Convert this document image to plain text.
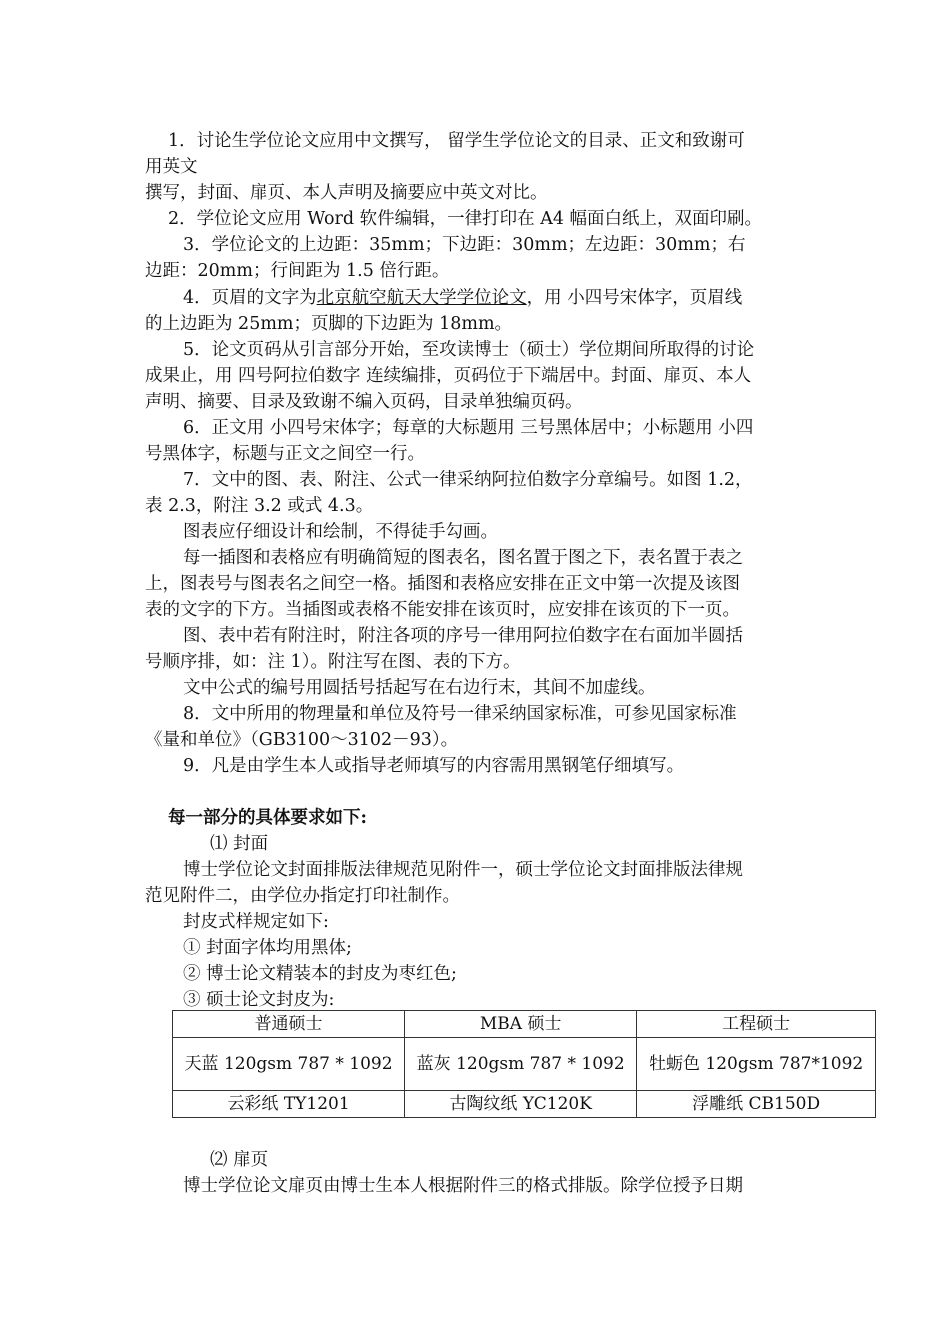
1．讨论生学位论文应用中文撰写， 留学生学位论文的目录、正文和致谢可
用英文
撰写，封面、扉页、本人声明及摘要应中英文对比。
2．学位论文应用 Word 软件编辑，一律打印在 A4 幅面白纸上，双面印刷。
3．学位论文的上边距：35mm；下边距：30mm；左边距：30mm；右
边距：20mm；行间距为 1.5 倍行距。
4．页眉的文字为北京航空航天大学学位论文，用 小四号宋体字，页眉线
的上边距为 25mm；页脚的下边距为 18mm。
5．论文页码从引言部分开始，至攻读博士（硕士）学位期间所取得的讨论
成果止，用 四号阿拉伯数字 连续编排，页码位于下端居中。封面、扉页、本人
声明、摘要、目录及致谢不编入页码，目录单独编页码。
6．正文用 小四号宋体字；每章的大标题用 三号黑体居中；小标题用 小四
号黑体字，标题与正文之间空一行。
7．文中的图、表、附注、公式一律采纳阿拉伯数字分章编号。如图 1.2，
表 2.3，附注 3.2 或式 4.3。
图表应仔细设计和绘制，不得徒手勾画。
每一插图和表格应有明确简短的图表名，图名置于图之下，表名置于表之
上，图表号与图表名之间空一格。插图和表格应安排在正文中第一次提及该图
表的文字的下方。当插图或表格不能安排在该页时，应安排在该页的下一页。
图、表中若有附注时，附注各项的序号一律用阿拉伯数字在右面加半圆括
号顺序排，如：注 1）。附注写在图、表的下方。
文中公式的编号用圆括号括起写在右边行末，其间不加虚线。
8．文中所用的物理量和单位及符号一律采纳国家标准，可参见国家标准
《量和单位》（GB3100～3102－93）。
9．凡是由学生本人或指导老师填写的内容需用黑钢笔仔细填写。
每一部分的具体要求如下:
⑴ 封面
博士学位论文封面排版法律规范见附件一，硕士学位论文封面排版法律规
范见附件二，由学位办指定打印社制作。
封皮式样规定如下:
① 封面字体均用黑体;
② 博士论文精装本的封皮为枣红色;
③ 硕士论文封皮为:
普通硕士	MBA 硕士	工程硕士
天蓝 120gsm 787 * 1092	蓝灰 120gsm 787 * 1092	牡蛎色 120gsm 787*1092
云彩纸 TY1201	古陶纹纸 YC120K	浮雕纸 CB150D
⑵ 扉页
博士学位论文扉页由博士生本人根据附件三的格式排版。除学位授予日期
